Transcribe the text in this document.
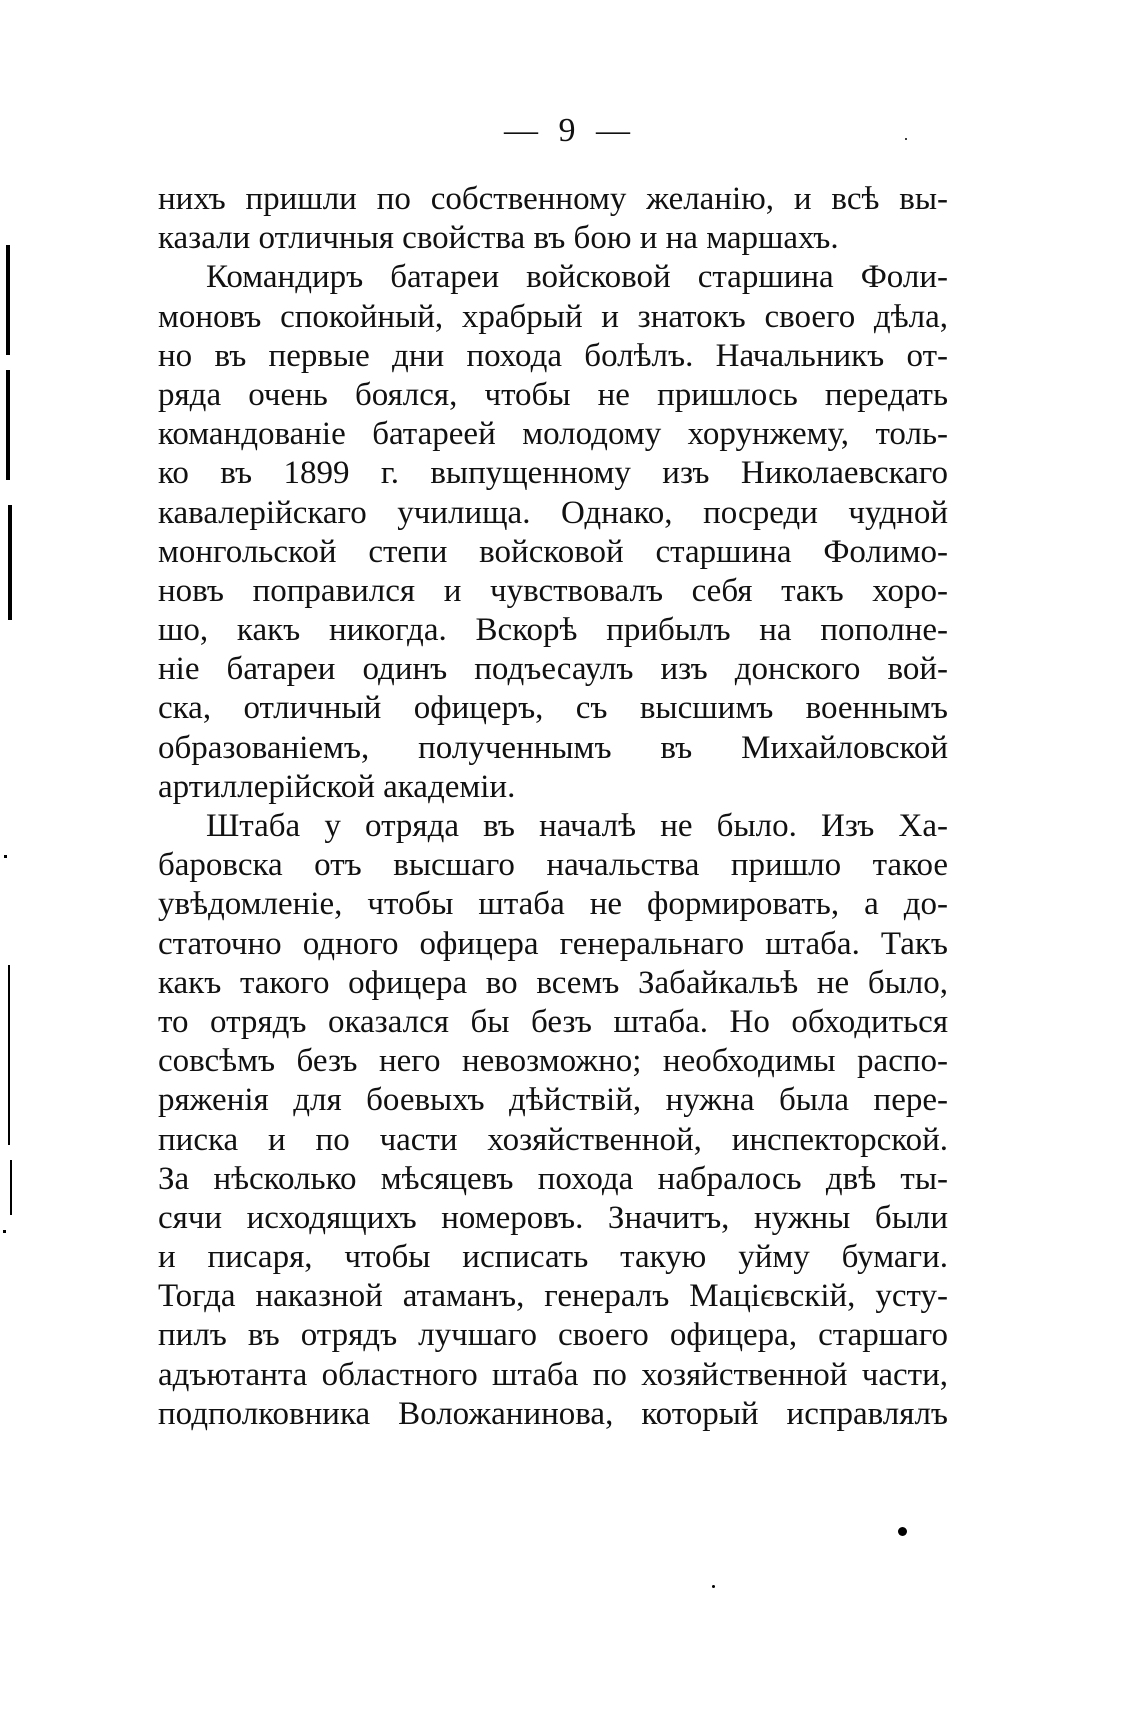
— 9 —
нихъ пришли по собственному желанію, и всѣ вы-
казали отличныя свойства въ бою и на маршахъ.
Командиръ батареи войсковой старшина Фоли-
моновъ спокойный, храбрый и знатокъ своего дѣла,
но въ первые дни похода болѣлъ. Начальникъ от-
ряда очень боялся, чтобы не пришлось передать
командованіе батареей молодому хорунжему, толь-
ко въ 1899 г. выпущенному изъ Николаевскаго
кавалерійскаго училища. Однако, посреди чудной
монгольской степи войсковой старшина Фолимо-
новъ поправился и чувствовалъ себя такъ хоро-
шо, какъ никогда. Вскорѣ прибылъ на пополне-
ніе батареи одинъ подъесаулъ изъ донского вой-
ска, отличный офицеръ, съ высшимъ военнымъ
образованіемъ, полученнымъ въ Михайловской
артиллерійской академіи.
Штаба у отряда въ началѣ не было. Изъ Ха-
баровска отъ высшаго начальства пришло такое
увѣдомленіе, чтобы штаба не формировать, а до-
статочно одного офицера генеральнаго штаба. Такъ
какъ такого офицера во всемъ Забайкальѣ не было,
то отрядъ оказался бы безъ штаба. Но обходиться
совсѣмъ безъ него невозможно; необходимы распо-
ряженія для боевыхъ дѣйствій, нужна была пере-
писка и по части хозяйственной, инспекторской.
За нѣсколько мѣсяцевъ похода набралось двѣ ты-
сячи исходящихъ номеровъ. Значитъ, нужны были
и писаря, чтобы исписать такую уйму бумаги.
Тогда наказной атаманъ, генералъ Мацієвскій, усту-
пилъ въ отрядъ лучшаго своего офицера, старшаго
адъютанта областного штаба по хозяйственной части,
подполковника Воложанинова, который исправлялъ
